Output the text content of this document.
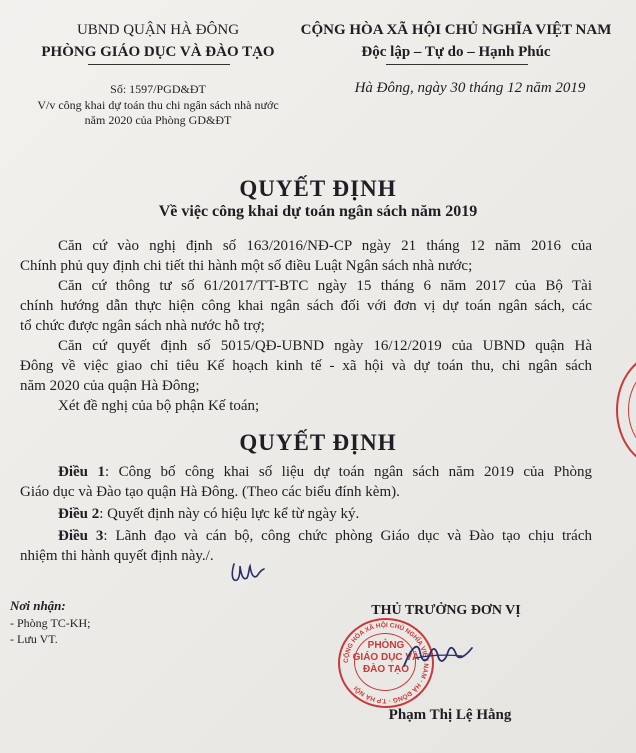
UBND QUẬN HÀ ĐÔNG
PHÒNG GIÁO DỤC VÀ ĐÀO TẠO
CỘNG HÒA XÃ HỘI CHỦ NGHĨA VIỆT NAM
Độc lập – Tự do – Hạnh Phúc
Số: 1597/PGD&ĐT
V/v công khai dự toán thu chi ngân sách nhà nước
năm 2020 của Phòng GD&ĐT
Hà Đông, ngày 30 tháng 12 năm 2019
QUYẾT ĐỊNH
Về việc công khai dự toán ngân sách năm 2019
Căn cứ vào nghị định số 163/2016/NĐ-CP ngày 21 tháng 12 năm 2016 của
Chính phủ quy định chi tiết thi hành một số điều Luật Ngân sách nhà nước;
Căn cứ thông tư số 61/2017/TT-BTC ngày 15 tháng 6 năm 2017 của Bộ Tài
chính hướng dẫn thực hiện công khai ngân sách đối với đơn vị dự toán ngân sách, các
tổ chức được ngân sách nhà nước hỗ trợ;
Căn cứ quyết định số 5015/QĐ-UBND ngày 16/12/2019 của UBND quận Hà
Đông về việc giao chỉ tiêu Kế hoạch kinh tế - xã hội và dự toán thu, chi ngân sách
năm 2020 của quận Hà Đông;
Xét đề nghị của bộ phận Kế toán;
QUYẾT ĐỊNH
Điều 1: Công bố công khai số liệu dự toán ngân sách năm 2019 của Phòng
Giáo dục và Đào tạo quận Hà Đông. (Theo các biểu đính kèm).
Điều 2: Quyết định này có hiệu lực kể từ ngày ký.
Điều 3: Lãnh đạo và cán bộ, công chức phòng Giáo dục và Đào tạo chịu trách
nhiệm thi hành quyết định này./.
Nơi nhận:
- Phòng TC-KH;
- Lưu VT.
THỦ TRƯỞNG ĐƠN VỊ
CỘNG HÒA XÃ HỘI CHỦ NGHĨA VIỆT NAM · HÀ ĐÔNG · T.P HÀ NỘI
PHÒNG
GIÁO DỤC VÀ
ĐÀO TẠO
Phạm Thị Lệ Hằng
